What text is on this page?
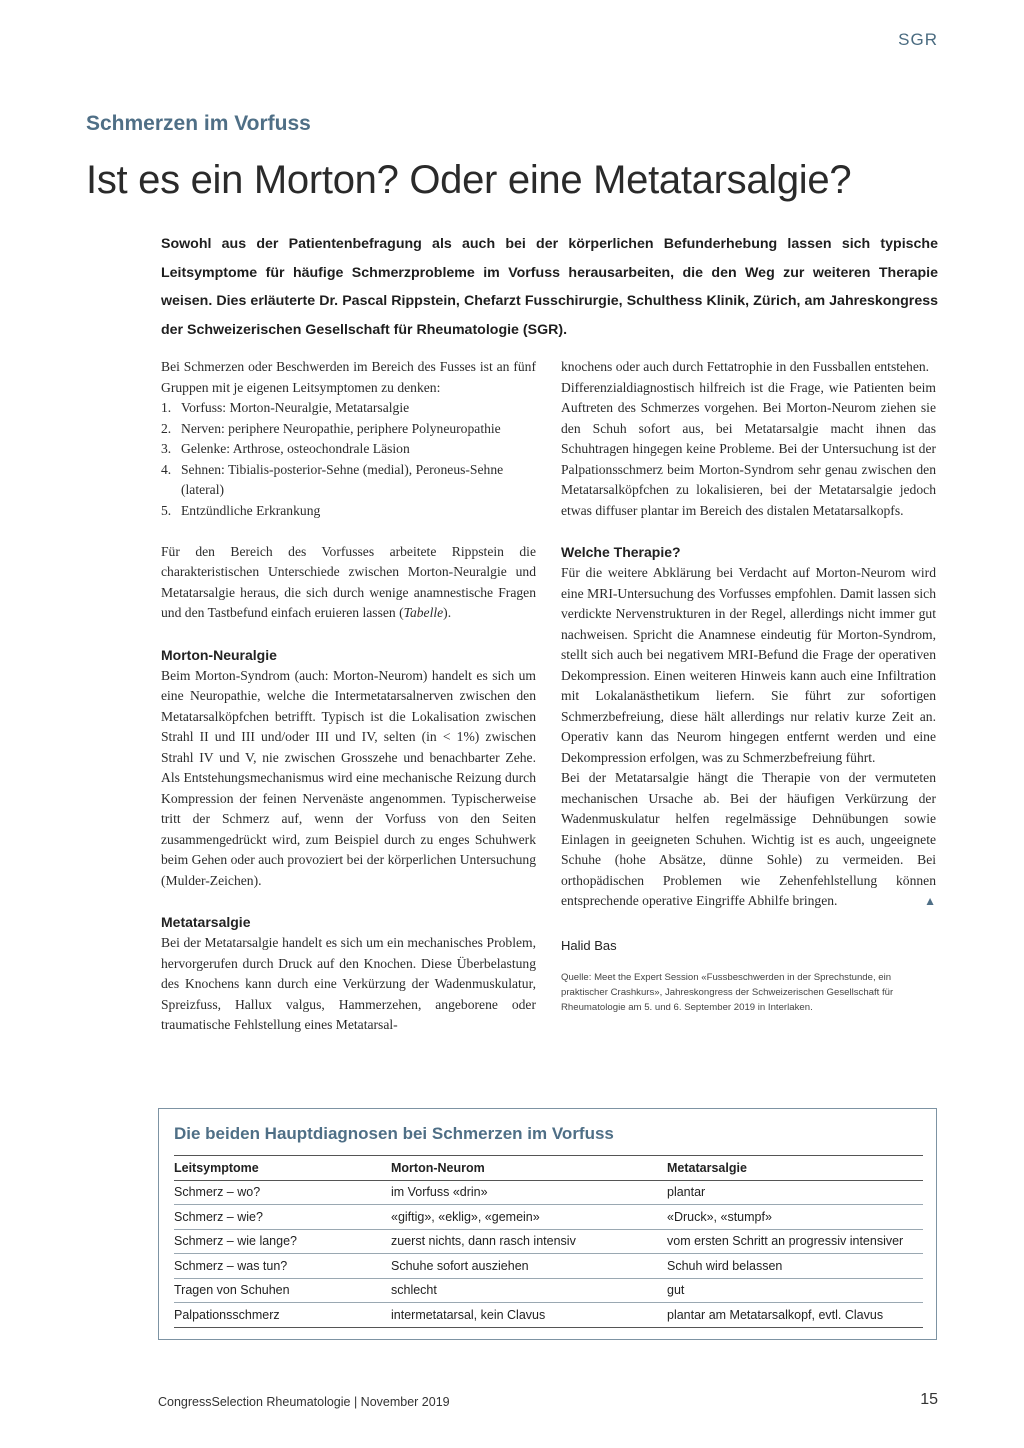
SGR
Schmerzen im Vorfuss
Ist es ein Morton? Oder eine Metatarsalgie?

Sowohl aus der Patientenbefragung als auch bei der körperlichen Befunderhebung lassen sich typische Leitsymptome für häufige Schmerzprobleme im Vorfuss herausarbeiten, die den Weg zur weiteren Therapie weisen. Dies erläuterte Dr. Pascal Rippstein, Chefarzt Fusschirurgie, Schulthess Klinik, Zürich, am Jahreskongress der Schweizerischen Gesellschaft für Rheumatologie (SGR).

Bei Schmerzen oder Beschwerden im Bereich des Fusses ist an fünf Gruppen mit je eigenen Leitsymptomen zu denken:

1. Vorfuss: Morton-Neuralgie, Metatarsalgie
2. Nerven: periphere Neuropathie, periphere Polyneuropathie
3. Gelenke: Arthrose, osteochondrale Läsion
4. Sehnen: Tibialis-posterior-Sehne (medial), Peroneus-Sehne (lateral)
5. Entzündliche Erkrankung

Für den Bereich des Vorfusses arbeitete Rippstein die charakteristischen Unterschiede zwischen Morton-Neuralgie und Metatarsalgie heraus, die sich durch wenige anamnestische Fragen und den Tastbefund einfach eruieren lassen (Tabelle).

Morton-Neuralgie

Beim Morton-Syndrom (auch: Morton-Neurom) handelt es sich um eine Neuropathie, welche die Intermetatarsalnerven zwischen den Metatarsalköpfchen betrifft. Typisch ist die Lokalisation zwischen Strahl II und III und/oder III und IV, selten (in < 1%) zwischen Strahl IV und V, nie zwischen Grosszehe und benachbarter Zehe. Als Entstehungsmechanismus wird eine mechanische Reizung durch Kompression der feinen Nervenäste angenommen. Typischerweise tritt der Schmerz auf, wenn der Vorfuss von den Seiten zusammengedrückt wird, zum Beispiel durch zu enges Schuhwerk beim Gehen oder auch provoziert bei der körperlichen Untersuchung (Mulder-Zeichen).

Metatarsalgie

Bei der Metatarsalgie handelt es sich um ein mechanisches Problem, hervorgerufen durch Druck auf den Knochen. Diese Überbelastung des Knochens kann durch eine Verkürzung der Wadenmuskulatur, Spreizfuss, Hallux valgus, Hammerzehen, angeborene oder traumatische Fehlstellung eines Metatarsal-

knochens oder auch durch Fettatrophie in den Fussballen entstehen.

Differenzialdiagnostisch hilfreich ist die Frage, wie Patienten beim Auftreten des Schmerzes vorgehen. Bei Morton-Neurom ziehen sie den Schuh sofort aus, bei Metatarsalgie macht ihnen das Schuhtragen hingegen keine Probleme. Bei der Untersuchung ist der Palpationsschmerz beim Morton-Syndrom sehr genau zwischen den Metatarsalköpfchen zu lokalisieren, bei der Metatarsalgie jedoch etwas diffuser plantar im Bereich des distalen Metatarsalkopfs.

Welche Therapie?

Für die weitere Abklärung bei Verdacht auf Morton-Neurom wird eine MRI-Untersuchung des Vorfusses empfohlen. Damit lassen sich verdickte Nervenstrukturen in der Regel, allerdings nicht immer gut nachweisen. Spricht die Anamnese eindeutig für Morton-Syndrom, stellt sich auch bei negativem MRI-Befund die Frage der operativen Dekompression. Einen weiteren Hinweis kann auch eine Infiltration mit Lokalanästhetikum liefern. Sie führt zur sofortigen Schmerzbefreiung, diese hält allerdings nur relativ kurze Zeit an. Operativ kann das Neurom hingegen entfernt werden und eine Dekompression erfolgen, was zu Schmerzbefreiung führt.

Bei der Metatarsalgie hängt die Therapie von der vermuteten mechanischen Ursache ab. Bei der häufigen Verkürzung der Wadenmuskulatur helfen regelmässige Dehnübungen sowie Einlagen in geeigneten Schuhen. Wichtig ist es auch, ungeeignete Schuhe (hohe Absätze, dünne Sohle) zu vermeiden. Bei orthopädischen Problemen wie Zehenfehlstellung können entsprechende operative Eingriffe Abhilfe bringen.	▲

Halid Bas

Quelle: Meet the Expert Session «Fussbeschwerden in der Sprechstunde, ein praktischer Crashkurs», Jahreskongress der Schweizerischen Gesellschaft für Rheumatologie am 5. und 6. September 2019 in Interlaken.

Die beiden Hauptdiagnosen bei Schmerzen im Vorfuss
Leitsymptome	Morton-Neurom	Metatarsalgie
Schmerz – wo?	im Vorfuss «drin»	plantar
Schmerz – wie?	«giftig», «eklig», «gemein»	«Druck», «stumpf»
Schmerz – wie lange?	zuerst nichts, dann rasch intensiv	vom ersten Schritt an progressiv intensiver
Schmerz – was tun?	Schuhe sofort ausziehen	Schuh wird belassen
Tragen von Schuhen	schlecht	gut
Palpationsschmerz	intermetatarsal, kein Clavus	plantar am Metatarsalkopf, evtl. Clavus
CongressSelection Rheumatologie | November 2019	15
